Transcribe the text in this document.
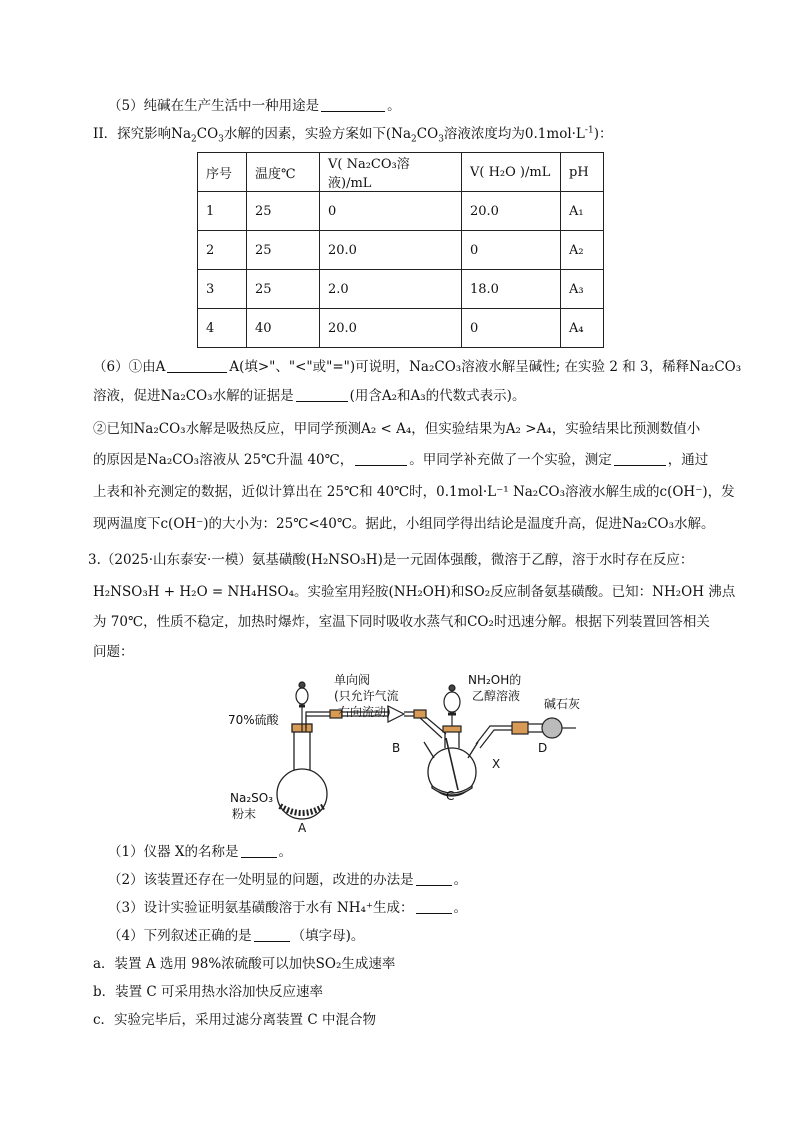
（5）纯碱在生产生活中一种用途是	。
II．探究影响$Na_2CO_3$水解的因素，实验方案如下($Na_2CO_3$溶液浓度均为$0.1mol\cdot L^{-1}$)：
序号	温度℃	V( Na₂CO₃溶液)/mL	V( H₂O )/mL	pH
1	25	0	20.0	A₁
2	25	20.0	0	A₂
3	25	2.0	18.0	A₃
4	40	20.0	0	A₄
（6）①由A	A(填>"、"<"或"=")可说明，Na₂CO₃溶液水解呈碱性; 在实验 2 和 3，稀释Na₂CO₃
溶液，促进Na₂CO₃水解的证据是	(用含A₂和A₃的代数式表示)。
②已知Na₂CO₃水解是吸热反应，甲同学预测A₂ < A₄，但实验结果为A₂ >A₄，实验结果比预测数值小
的原因是Na₂CO₃溶液从 25℃升温 40℃，	。甲同学补充做了一个实验，测定	，通过
上表和补充测定的数据，近似计算出在 25℃和 40℃时，0.1mol·L⁻¹ Na₂CO₃溶液水解生成的c(OH⁻)，发
现两温度下c(OH⁻)的大小为：25℃<40℃。据此，小组同学得出结论是温度升高，促进Na₂CO₃水解。
3.（2025·山东泰安·一模）氨基磺酸(H₂NSO₃H)是一元固体强酸，微溶于乙醇，溶于水时存在反应：
H₂NSO₃H + H₂O = NH₄HSO₄。实验室用羟胺(NH₂OH)和SO₂反应制备氨基磺酸。已知：NH₂OH 沸点
为 70℃，性质不稳定，加热时爆炸，室温下同时吸收水蒸气和CO₂时迅速分解。根据下列装置回答相关
问题：
70%硫酸
单向阀
(只允许气流
右向流动)
NH₂OH的
乙醇溶液
碱石灰
Na₂SO₃
粉末
A
B
C
D
X
（1）仪器 X的名称是	。
（2）该装置还存在一处明显的问题，改进的办法是	。
（3）设计实验证明氨基磺酸溶于水有 NH₄⁺生成：	。
（4）下列叙述正确的是	（填字母)。
a．装置 A 选用 98%浓硫酸可以加快SO₂生成速率
b．装置 C 可采用热水浴加快反应速率
c．实验完毕后，采用过滤分离装置 C 中混合物
